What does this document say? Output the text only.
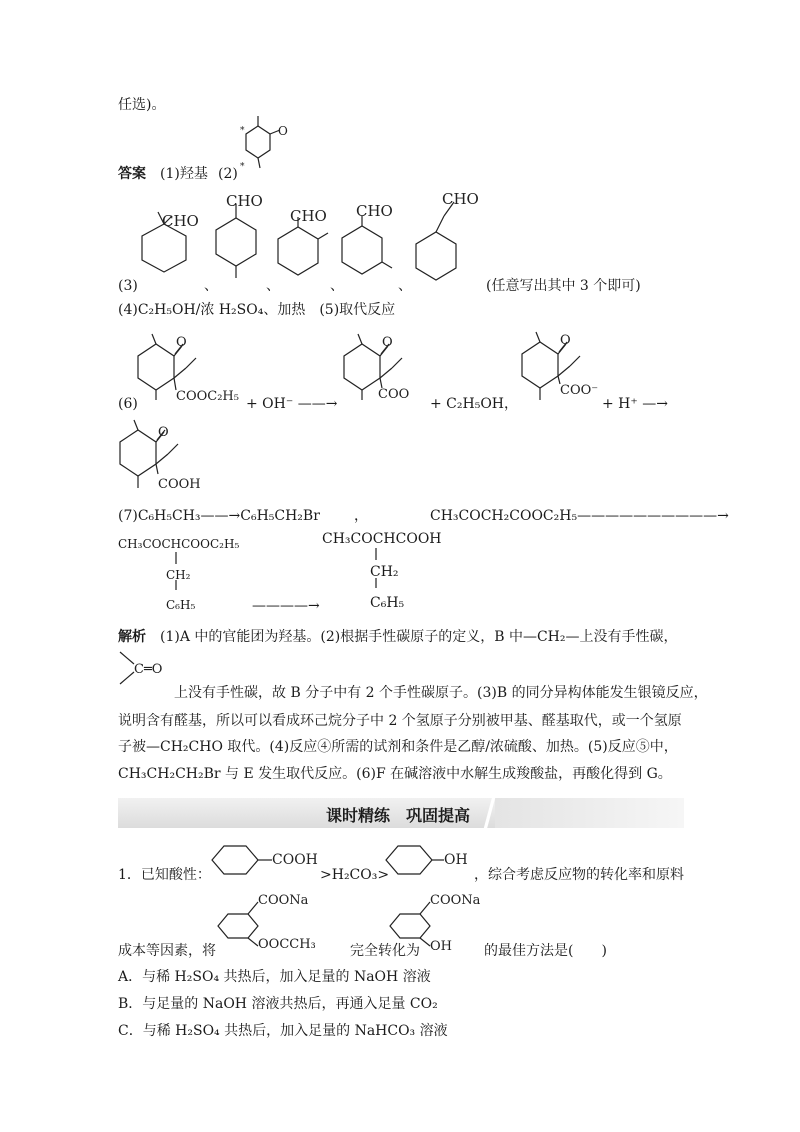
任选)。
O
*
*
答案 (1)羟基 (2)
CHO
CHO
CHO CHO
CHO
(3)	、	、	、	、	(任意写出其中 3 个即可)
(4)C₂H₅OH/浓 H₂SO₄、加热　(5)取代反应
O
COOC₂H₅
(6)	+ OH⁻ ——→
O
COO
+ C₂H₅OH，
O
COO⁻
+ H⁺ —→
O
COOH
(7)C₆H₅CH₃——→C₆H₅CH₂Br ，	CH₃COCH₂COOC₂H₅——————————→
CH₃COCHCOOC₂H₅
CH₂
C₆H₅	————→
CH₃COCHCOOH
CH₂
C₆H₅
解析 (1)A 中的官能团为羟基。(2)根据手性碳原子的定义，B 中—CH₂—上没有手性碳，
C═O
上没有手性碳，故 B 分子中有 2 个手性碳原子。(3)B 的同分异构体能发生银镜反应，
说明含有醛基，所以可以看成环己烷分子中 2 个氢原子分别被甲基、醛基取代，或一个氢原
子被—CH₂CHO 取代。(4)反应④所需的试剂和条件是乙醇/浓硫酸、加热。(5)反应⑤中，
CH₃CH₂CH₂Br 与 E 发生取代反应。(6)F 在碱溶液中水解生成羧酸盐，再酸化得到 G。
课时精练　巩固提高
1．已知酸性：
COOH
>H₂CO₃>
OH
，综合考虑反应物的转化率和原料
COONa
OOCCH₃
COONa
OH
成本等因素，将	完全转化为	的最佳方法是(　　)
A．与稀 H₂SO₄ 共热后，加入足量的 NaOH 溶液
B．与足量的 NaOH 溶液共热后，再通入足量 CO₂
C．与稀 H₂SO₄ 共热后，加入足量的 NaHCO₃ 溶液
